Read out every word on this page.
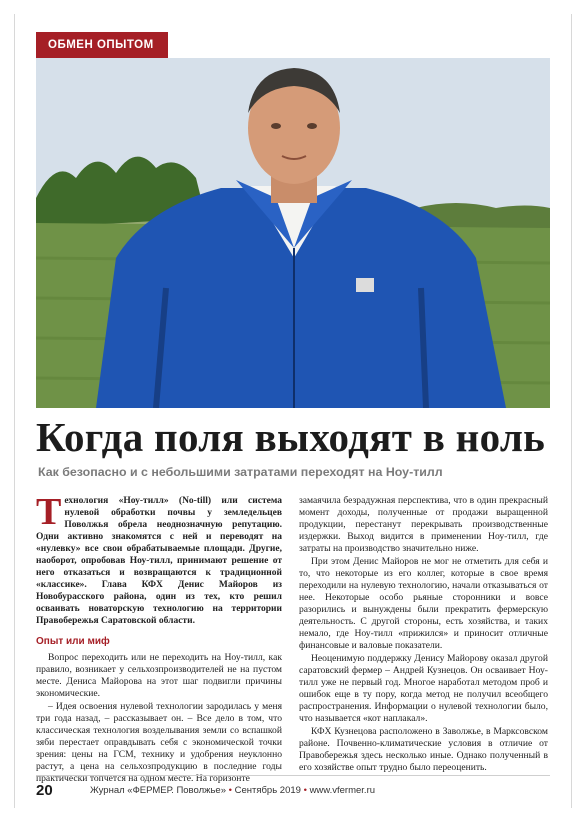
ОБМЕН ОПЫТОМ
Когда поля выходят в ноль
Как безопасно и с небольшими затратами переходят на Ноу-тилл

Технология «Ноу-тилл» (No-till) или система нулевой обработки почвы у земледельцев Поволжья обрела неоднозначную репутацию. Одни активно знакомятся с ней и переводят на «нулевку» все свои обрабатываемые площади. Другие, наоборот, опробовав Ноу-тилл, принимают решение от него отказаться и возвращаются к традиционной «классике». Глава КФХ Денис Майоров из Новобурасского района, один из тех, кто решил осваивать новаторскую технологию на территории Правобережья Саратовской области.

Опыт или миф

Вопрос переходить или не переходить на Ноу-тилл, как правило, возникает у сельхозпроизводителей не на пустом месте. Дениса Майорова на этот шаг подвигли причины экономические.

– Идея освоения нулевой технологии зародилась у меня три года назад, – рассказывает он. – Все дело в том, что классическая технология возделывания земли со вспашкой зяби перестает оправдывать себя с экономической точки зрения: цены на ГСМ, технику и удобрения неуклонно растут, а цена на сельхозпродукцию в последние годы практически топчется на одном месте. На горизонте

замаячила безрадужная перспектива, что в один прекрасный момент доходы, полученные от продажи выращенной продукции, перестанут перекрывать производственные издержки. Выход видится в применении Ноу-тилл, где затраты на производство значительно ниже.

При этом Денис Майоров не мог не отметить для себя и то, что некоторые из его коллег, которые в свое время переходили на нулевую технологию, начали отказываться от нее. Некоторые особо рьяные сторонники и вовсе разорились и вынуждены были прекратить фермерскую деятельность. С другой стороны, есть хозяйства, и таких немало, где Ноу-тилл «прижился» и приносит отличные финансовые и валовые показатели.

Неоценимую поддержку Денису Майорову оказал другой саратовский фермер – Андрей Кузнецов. Он осваивает Ноу-тилл уже не первый год. Многое наработал методом проб и ошибок еще в ту пору, когда метод не получил всеобщего распространения. Информации о нулевой технологии было, что называется «кот наплакал».

КФХ Кузнецова расположено в Заволжье, в Марксовском районе. Почвенно-климатические условия в отличие от Правобережья здесь несколько иные. Однако полученный в его хозяйстве опыт трудно было переоценить.

20	Журнал «ФЕРМЕР. Поволжье» • Сентябрь 2019 • www.vfermer.ru
